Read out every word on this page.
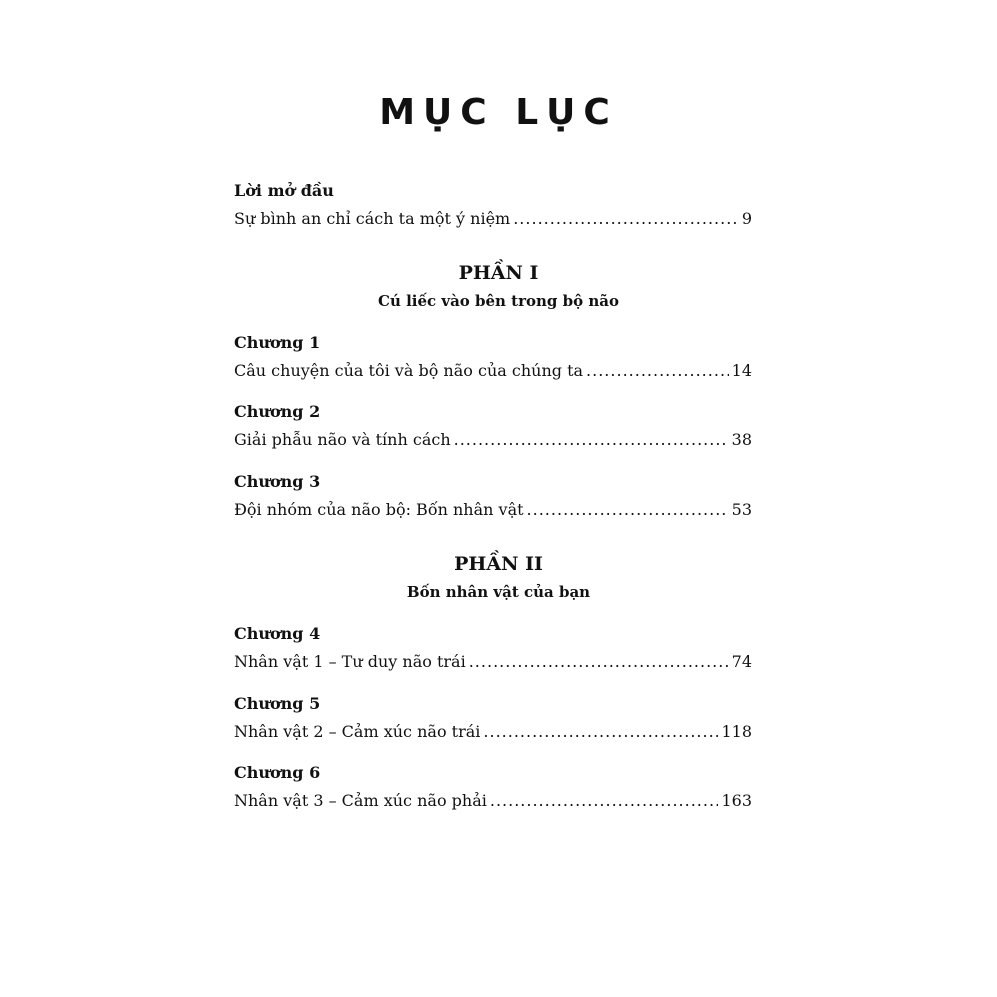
MỤC LỤC
Lời mở đầu
Sự bình an chỉ cách ta một ý niệm .....	9
PHẦN I
Cú liếc vào bên trong bộ não
Chương 1
Câu chuyện của tôi và bộ não của chúng ta .....	14
Chương 2
Giải phẫu não và tính cách .....	38
Chương 3
Đội nhóm của não bộ: Bốn nhân vật .....	53
PHẦN II
Bốn nhân vật của bạn
Chương 4
Nhân vật 1 – Tư duy não trái .....	74
Chương 5
Nhân vật 2 – Cảm xúc não trái .....	118
Chương 6
Nhân vật 3 – Cảm xúc não phải .....	163
